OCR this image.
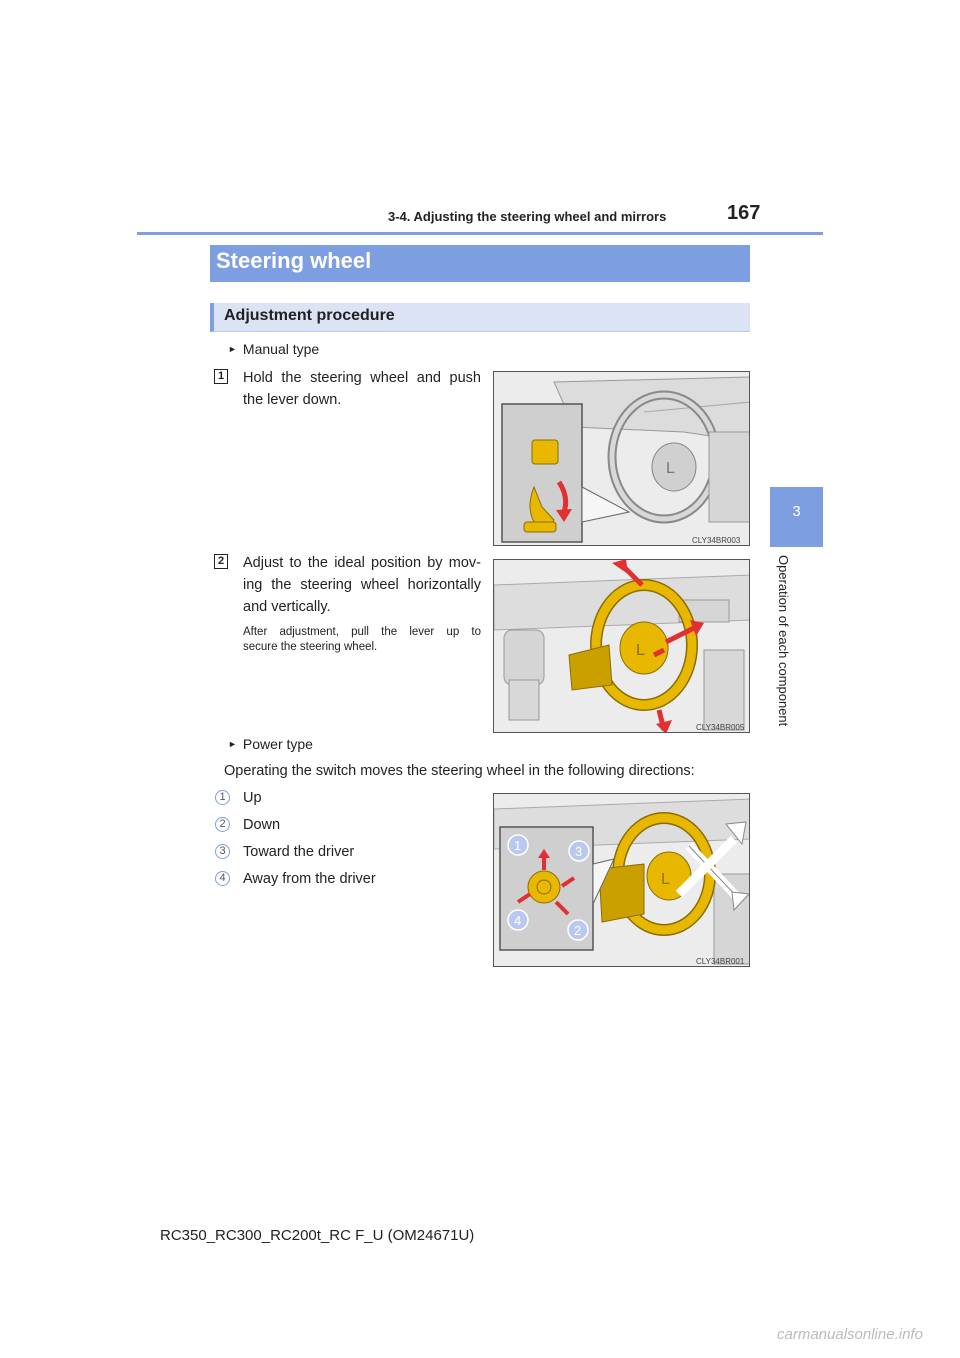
3-4. Adjusting the steering wheel and mirrors	167
3
Operation of each component
Steering wheel
Adjustment procedure
► Manual type
1 Hold the steering wheel and push
the lever down.
L
CLY34BR003
2 Adjust to the ideal position by mov-
ing the steering wheel horizontally
and vertically.
After adjustment, pull the lever up to
secure the steering wheel.	L
CLY34BR005
► Power type
Operating the switch moves the steering wheel in the following directions:
1	Up
2	Down
3	Toward the driver
4	Away from the driver	L
1	3
4
2
CLY34BR001
RC350_RC300_RC200t_RC F_U (OM24671U)
carmanualsonline.info
